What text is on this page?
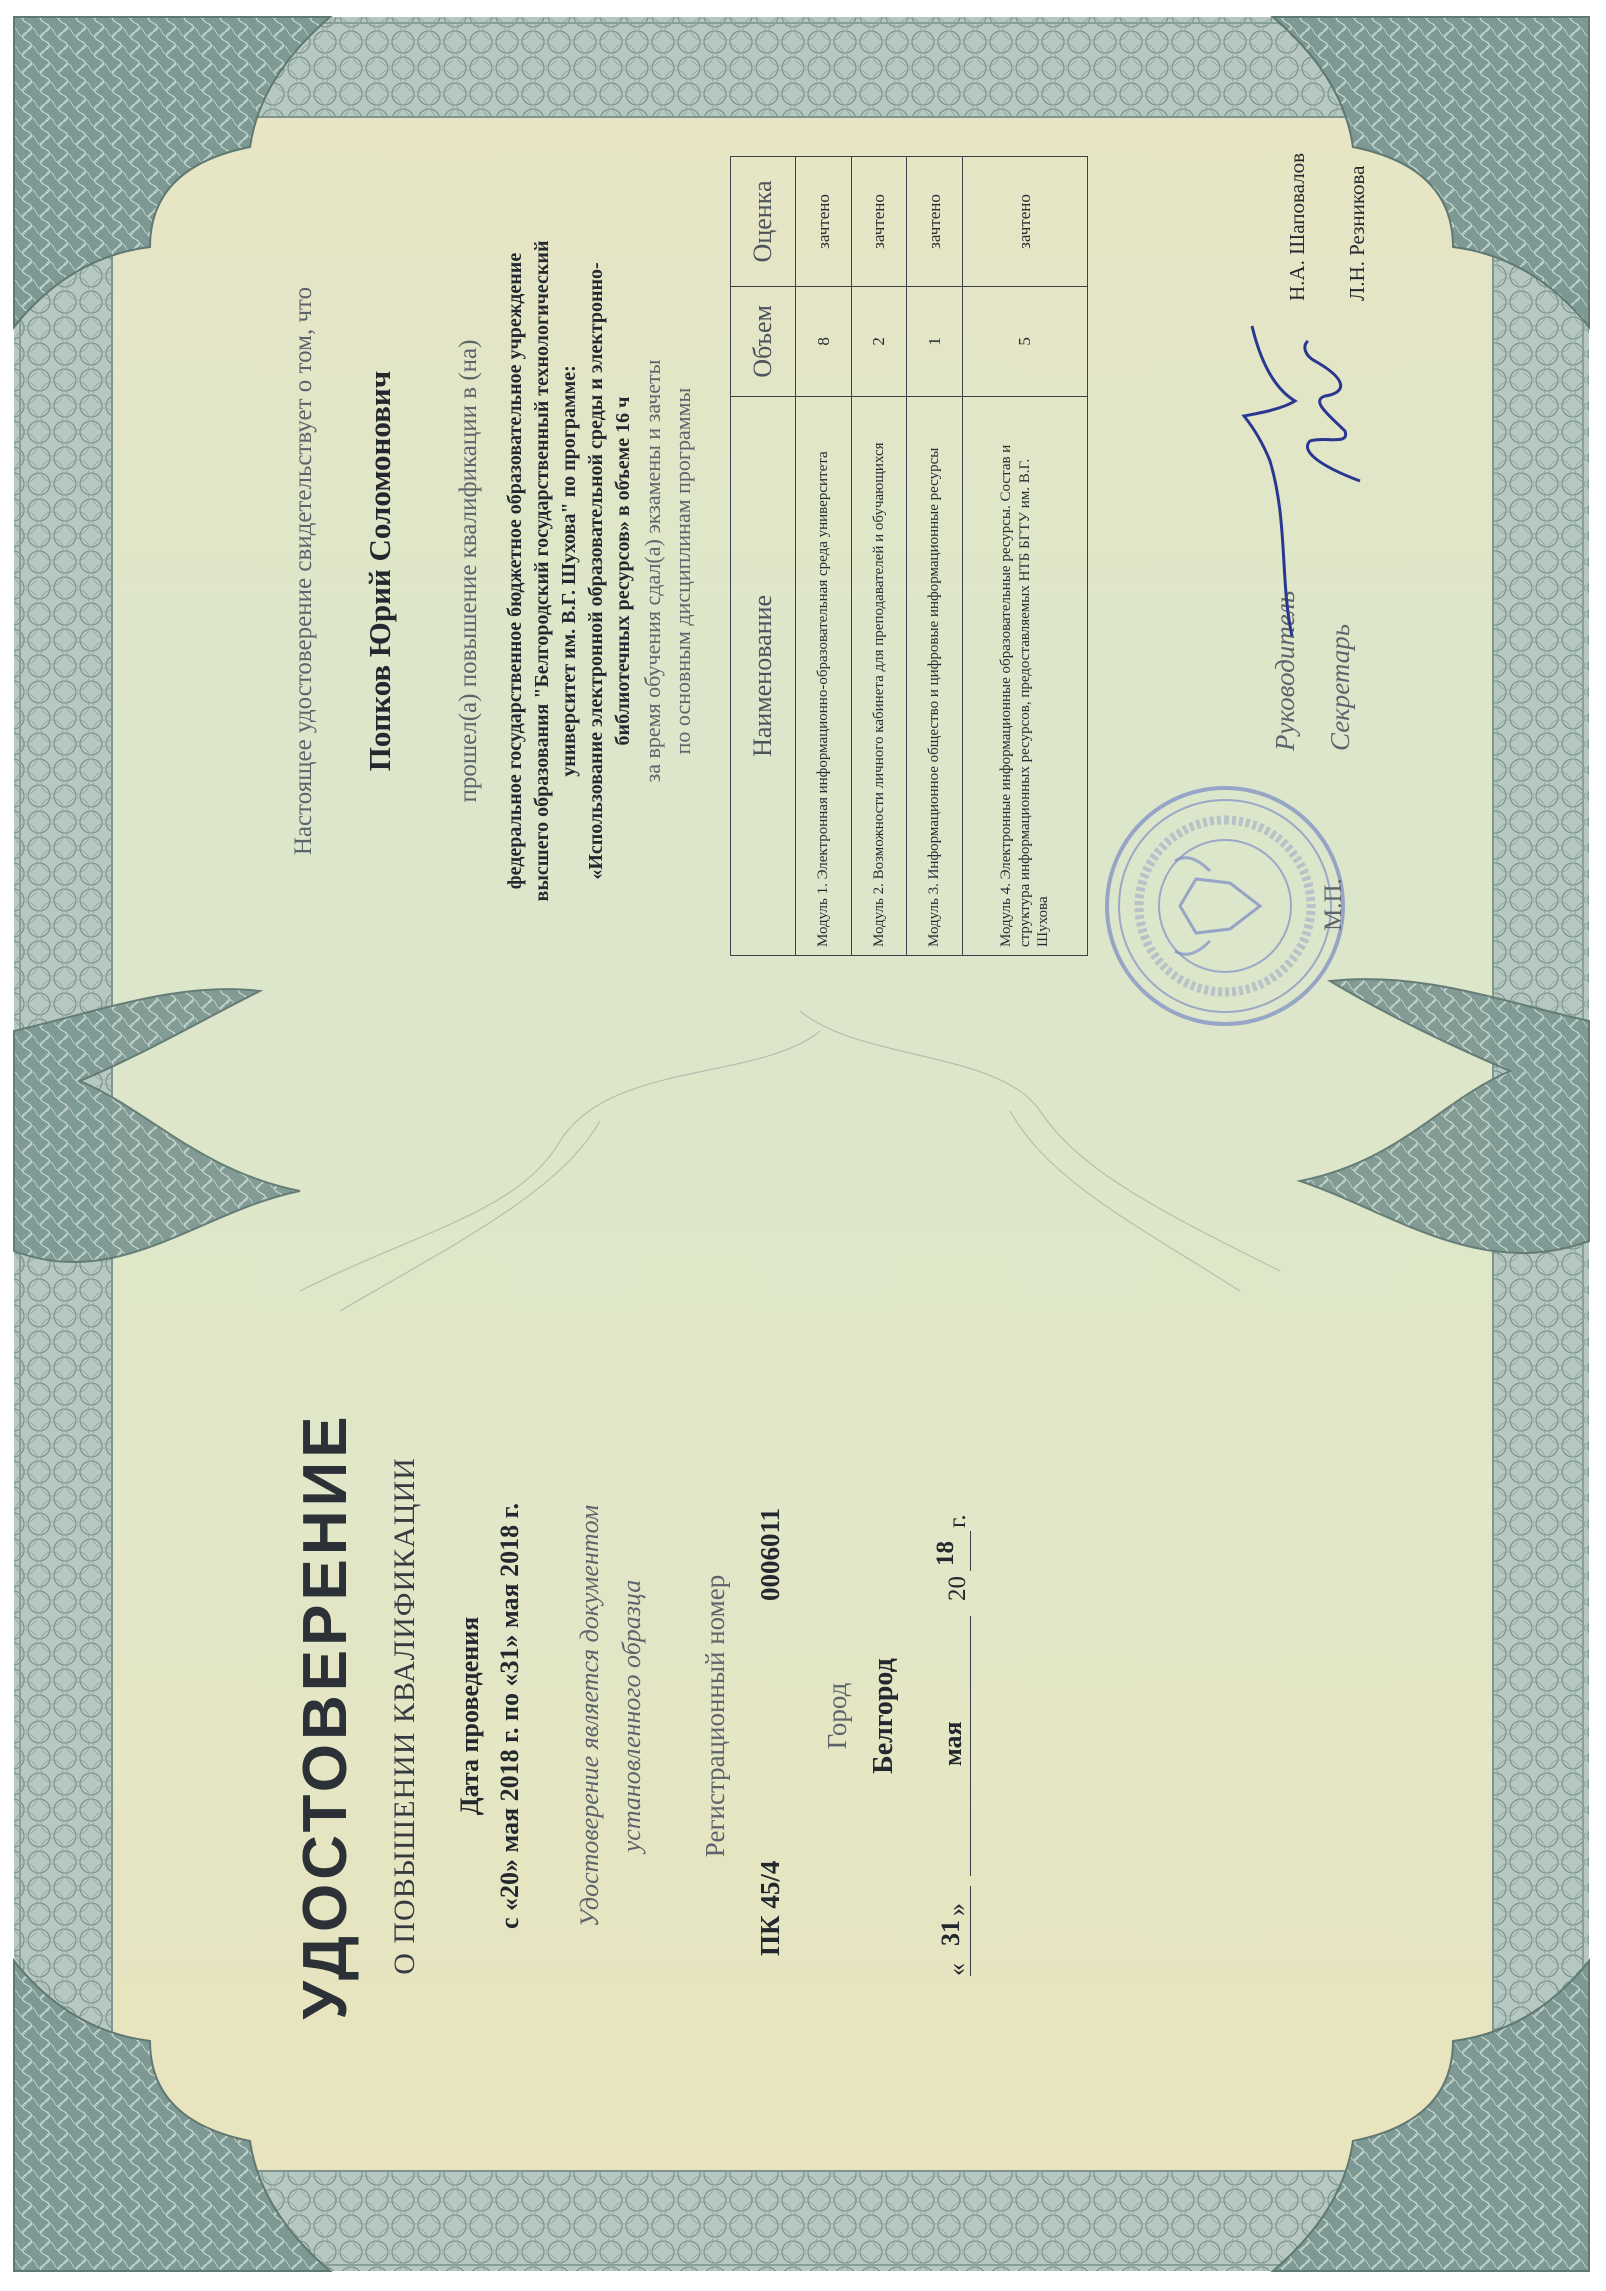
УДОСТОВЕРЕНИЕ О ПОВЫШЕНИИ КВАЛИФИКАЦИИ Дата проведения с «20» мая 2018 г. по «31» мая 2018 г. Удостоверение является документом установленного образца Регистрационный номер
ПК 45/4
0006011
Город Белгород
«
31
»
мая
20
18
г.
Настоящее удостоверение свидетельствует о том, что Попков Юрий Соломонович прошел(а) повышение квалификации в (на) федеральное государственное бюджетное образовательное учреждение высшего образования "Белгородский государственный технологический университет им. В.Г. Шухова" по программе: «Использование электронной образовательной среды и электронно- библиотечных ресурсов» в объеме 16 ч за время обучения сдал(а) экзамены и зачеты по основным дисциплинам программы Наименование	Объем	Оценка
Модуль 1. Электронная информационно-образовательная среда университета	8	зачтено
Модуль 2. Возможности личного кабинета для преподавателей и обучающихся	2	зачтено
Модуль 3. Информационное общество и цифровые информационные ресурсы	1	зачтено
Модуль 4. Электронные информационные образовательные ресурсы. Состав и структура информационных ресурсов, предоставляемых НТБ БГТУ им. В.Г. Шухова	5	зачтено
Руководитель
Н.А. Шаповалов
М.П.
Секретарь
Л.Н. Резникова
